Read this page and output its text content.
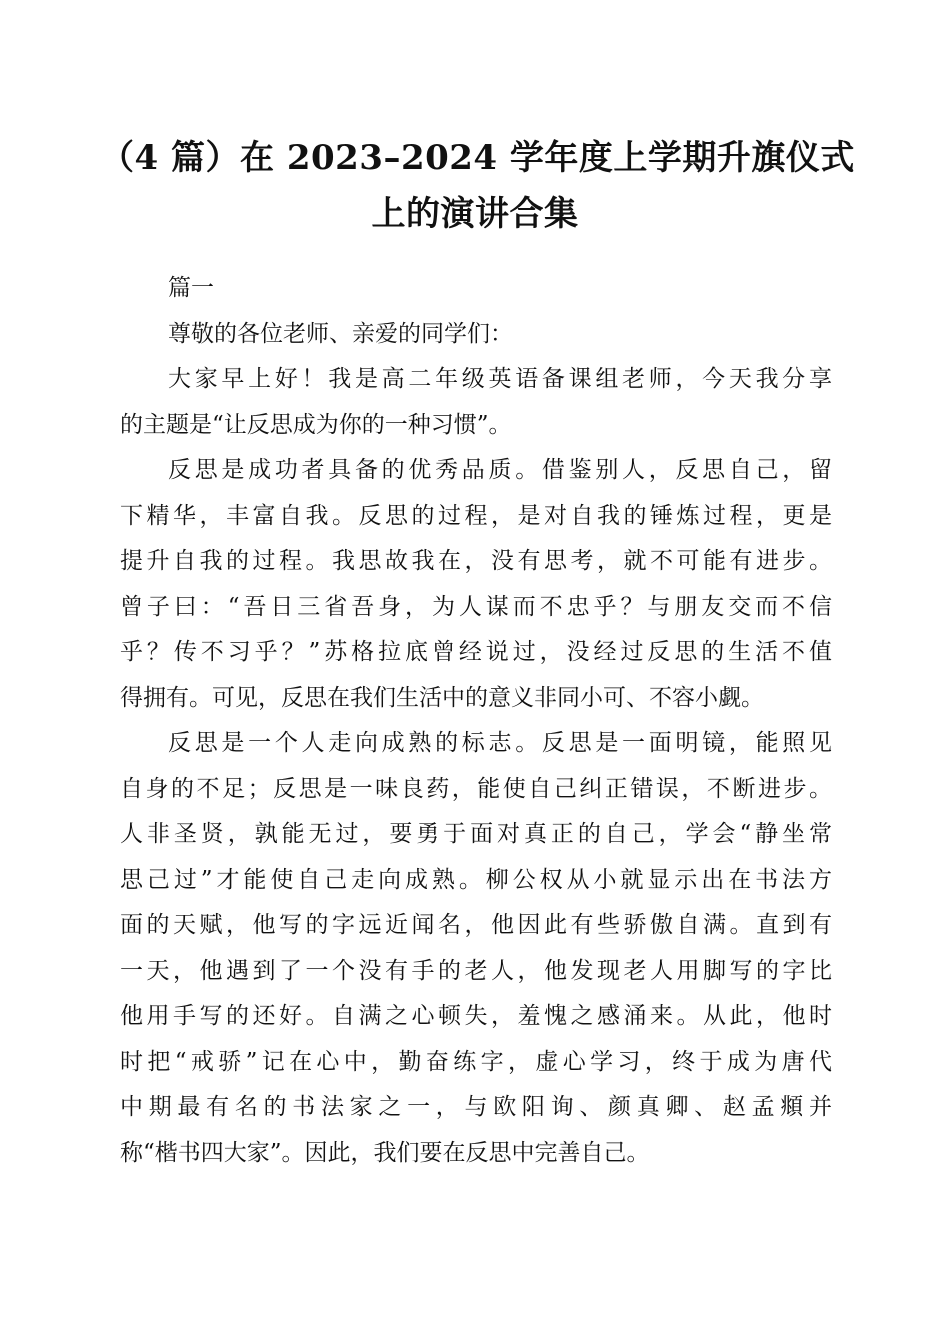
（4 篇）在 2023–2024 学年度上学期升旗仪式
上的演讲合集
篇一
尊敬的各位老师、亲爱的同学们：
大家早上好！我是高二年级英语备课组老师，今天我分享
的主题是“让反思成为你的一种习惯”。
反思是成功者具备的优秀品质。借鉴别人，反思自己，留
下精华，丰富自我。反思的过程，是对自我的锤炼过程，更是
提升自我的过程。我思故我在，没有思考，就不可能有进步。
曾子曰：“吾日三省吾身，为人谋而不忠乎？与朋友交而不信
乎？传不习乎？”苏格拉底曾经说过，没经过反思的生活不值
得拥有。可见，反思在我们生活中的意义非同小可、不容小觑。
反思是一个人走向成熟的标志。反思是一面明镜，能照见
自身的不足；反思是一味良药，能使自己纠正错误，不断进步。
人非圣贤，孰能无过，要勇于面对真正的自己，学会“静坐常
思己过”才能使自己走向成熟。柳公权从小就显示出在书法方
面的天赋，他写的字远近闻名，他因此有些骄傲自满。直到有
一天，他遇到了一个没有手的老人，他发现老人用脚写的字比
他用手写的还好。自满之心顿失，羞愧之感涌来。从此，他时
时把“戒骄”记在心中，勤奋练字，虚心学习，终于成为唐代
中期最有名的书法家之一，与欧阳询、颜真卿、赵孟頫并
称“楷书四大家”。因此，我们要在反思中完善自己。
